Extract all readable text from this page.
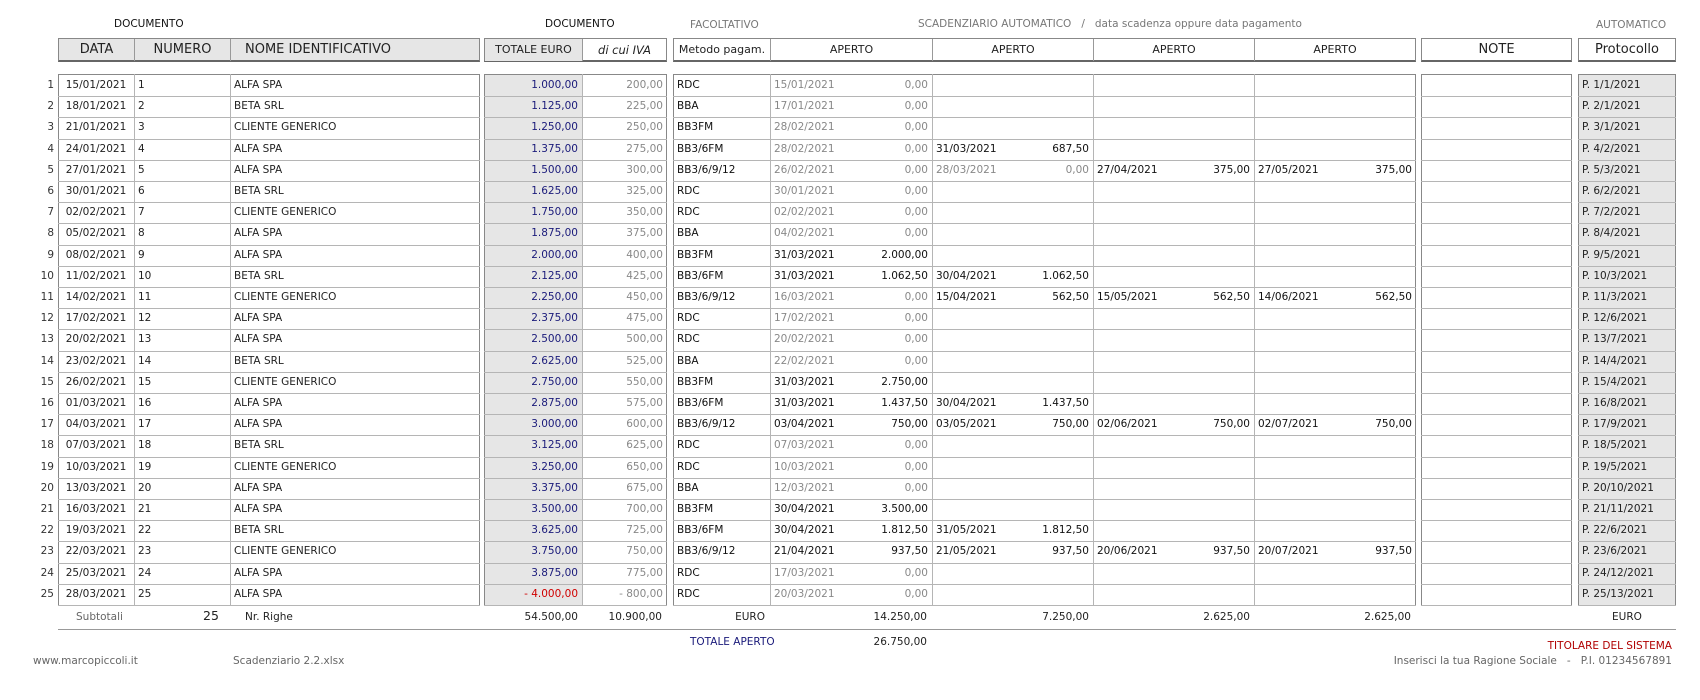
DOCUMENTO	DOCUMENTO	FACOLTATIVO	SCADENZIARIO AUTOMATICO   /   data scadenza oppure data pagamento	AUTOMATICO
DATA	NUMERO	NOME IDENTIFICATIVO	TOTALE EURO	di cui IVA	Metodo pagam.	APERTO	APERTO	APERTO	APERTO	NOTE	Protocollo
1	15/01/2021	1	ALFA SPA	1.000,00	200,00	RDC	15/01/2021	0,00	P. 1/1/2021
2	18/01/2021	2	BETA SRL	1.125,00	225,00	BBA	17/01/2021	0,00	P. 2/1/2021
3	21/01/2021	3	CLIENTE GENERICO	1.250,00	250,00	BB3FM	28/02/2021	0,00	P. 3/1/2021
4	24/01/2021	4	ALFA SPA	1.375,00	275,00	BB3/6FM	28/02/2021	0,00 31/03/2021	687,50	P. 4/2/2021
5	27/01/2021	5	ALFA SPA	1.500,00	300,00	BB3/6/9/12	26/02/2021	0,00 28/03/2021	0,00 27/04/2021	375,00 27/05/2021	375,00	P. 5/3/2021
6	30/01/2021	6	BETA SRL	1.625,00	325,00	RDC	30/01/2021	0,00	P. 6/2/2021
7	02/02/2021	7	CLIENTE GENERICO	1.750,00	350,00	RDC	02/02/2021	0,00	P. 7/2/2021
8	05/02/2021	8	ALFA SPA	1.875,00	375,00	BBA	04/02/2021	0,00	P. 8/4/2021
9	08/02/2021	9	ALFA SPA	2.000,00	400,00	BB3FM	31/03/2021	2.000,00	P. 9/5/2021
10	11/02/2021	10	BETA SRL	2.125,00	425,00	BB3/6FM	31/03/2021	1.062,50 30/04/2021	1.062,50	P. 10/3/2021
11	14/02/2021	11	CLIENTE GENERICO	2.250,00	450,00	BB3/6/9/12	16/03/2021	0,00 15/04/2021	562,50 15/05/2021	562,50 14/06/2021	562,50	P. 11/3/2021
12	17/02/2021	12	ALFA SPA	2.375,00	475,00	RDC	17/02/2021	0,00	P. 12/6/2021
13	20/02/2021	13	ALFA SPA	2.500,00	500,00	RDC	20/02/2021	0,00	P. 13/7/2021
14	23/02/2021	14	BETA SRL	2.625,00	525,00	BBA	22/02/2021	0,00	P. 14/4/2021
15	26/02/2021	15	CLIENTE GENERICO	2.750,00	550,00	BB3FM	31/03/2021	2.750,00	P. 15/4/2021
16	01/03/2021	16	ALFA SPA	2.875,00	575,00	BB3/6FM	31/03/2021	1.437,50 30/04/2021	1.437,50	P. 16/8/2021
17	04/03/2021	17	ALFA SPA	3.000,00	600,00	BB3/6/9/12	03/04/2021	750,00 03/05/2021	750,00 02/06/2021	750,00 02/07/2021	750,00	P. 17/9/2021
18	07/03/2021	18	BETA SRL	3.125,00	625,00	RDC	07/03/2021	0,00	P. 18/5/2021
19	10/03/2021	19	CLIENTE GENERICO	3.250,00	650,00	RDC	10/03/2021	0,00	P. 19/5/2021
20	13/03/2021	20	ALFA SPA	3.375,00	675,00	BBA	12/03/2021	0,00	P. 20/10/2021
21	16/03/2021	21	ALFA SPA	3.500,00	700,00	BB3FM	30/04/2021	3.500,00	P. 21/11/2021
22	19/03/2021	22	BETA SRL	3.625,00	725,00	BB3/6FM	30/04/2021	1.812,50 31/05/2021	1.812,50	P. 22/6/2021
23	22/03/2021	23	CLIENTE GENERICO	3.750,00	750,00	BB3/6/9/12	21/04/2021	937,50 21/05/2021	937,50 20/06/2021	937,50 20/07/2021	937,50	P. 23/6/2021
24	25/03/2021	24	ALFA SPA	3.875,00	775,00	RDC	17/03/2021	0,00	P. 24/12/2021
25	28/03/2021	25	ALFA SPA	- 4.000,00	- 800,00	RDC	20/03/2021	0,00	P. 25/13/2021
Subtotali	25 Nr. Righe	54.500,00	10.900,00	EURO	14.250,00	7.250,00	2.625,00	2.625,00	EURO
TOTALE APERTO	26.750,00
www.marcopiccoli.it	Scadenziario 2.2.xlsx
TITOLARE DEL SISTEMA
Inserisci la tua Ragione Sociale   -   P.I. 01234567891
